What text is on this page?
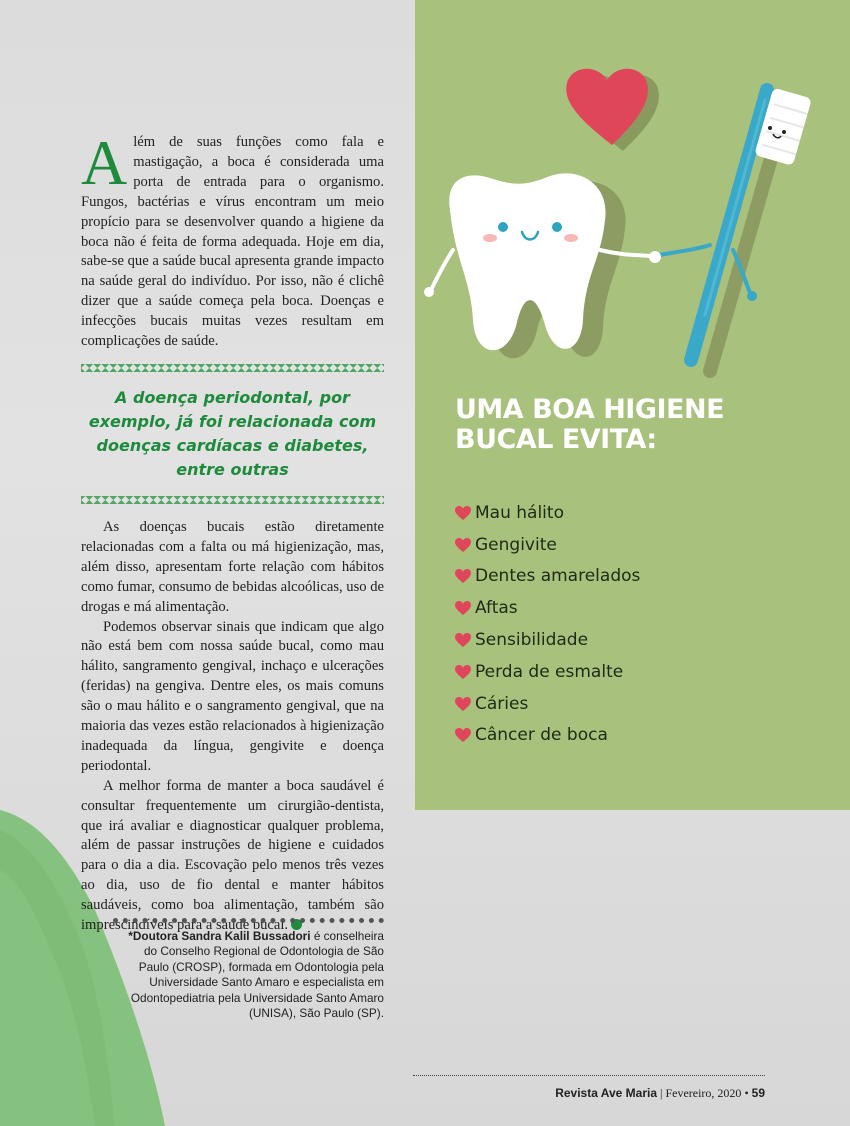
UMA BOA HIGIENE BUCAL EVITA:
Mau hálito
Gengivite
Dentes amarelados
Aftas
Sensibilidade
Perda de esmalte
Cáries
Câncer de boca

Além de suas funções como fala e mastigação, a boca é considerada uma porta de entrada para o organismo. Fungos, bactérias e vírus encontram um meio propício para se desenvolver quando a higiene da boca não é feita de forma adequada. Hoje em dia, sabe-se que a saúde bucal apresenta grande impacto na saúde geral do indivíduo. Por isso, não é clichê dizer que a saúde começa pela boca. Doenças e infecções bucais muitas vezes resultam em complicações de saúde.

A doença periodontal, por exemplo, já foi relacionada com doenças cardíacas e diabetes, entre outras

As doenças bucais estão diretamente relacionadas com a falta ou má higienização, mas, além disso, apresentam forte relação com hábitos como fumar, consumo de bebidas alcoólicas, uso de drogas e má alimentação.

Podemos observar sinais que indicam que algo não está bem com nossa saúde bucal, como mau hálito, sangramento gengival, inchaço e ulcerações (feridas) na gengiva. Dentre eles, os mais comuns são o mau hálito e o sangramento gengival, que na maioria das vezes estão relacionados à higienização inadequada da língua, gengivite e doença periodontal.

A melhor forma de manter a boca saudável é consultar frequentemente um cirurgião-dentista, que irá avaliar e diagnosticar qualquer problema, além de passar instruções de higiene e cuidados para o dia a dia. Escovação pelo menos três vezes ao dia, uso de fio dental e manter hábitos saudáveis, como boa alimentação, também são imprescindíveis para a saúde bucal.

*Doutora Sandra Kalil Bussadori é conselheira do Conselho Regional de Odontologia de São Paulo (CROSP), formada em Odontologia pela Universidade Santo Amaro e especialista em Odontopediatria pela Universidade Santo Amaro (UNISA), São Paulo (SP).
Revista Ave Maria | Fevereiro, 2020 • 59
